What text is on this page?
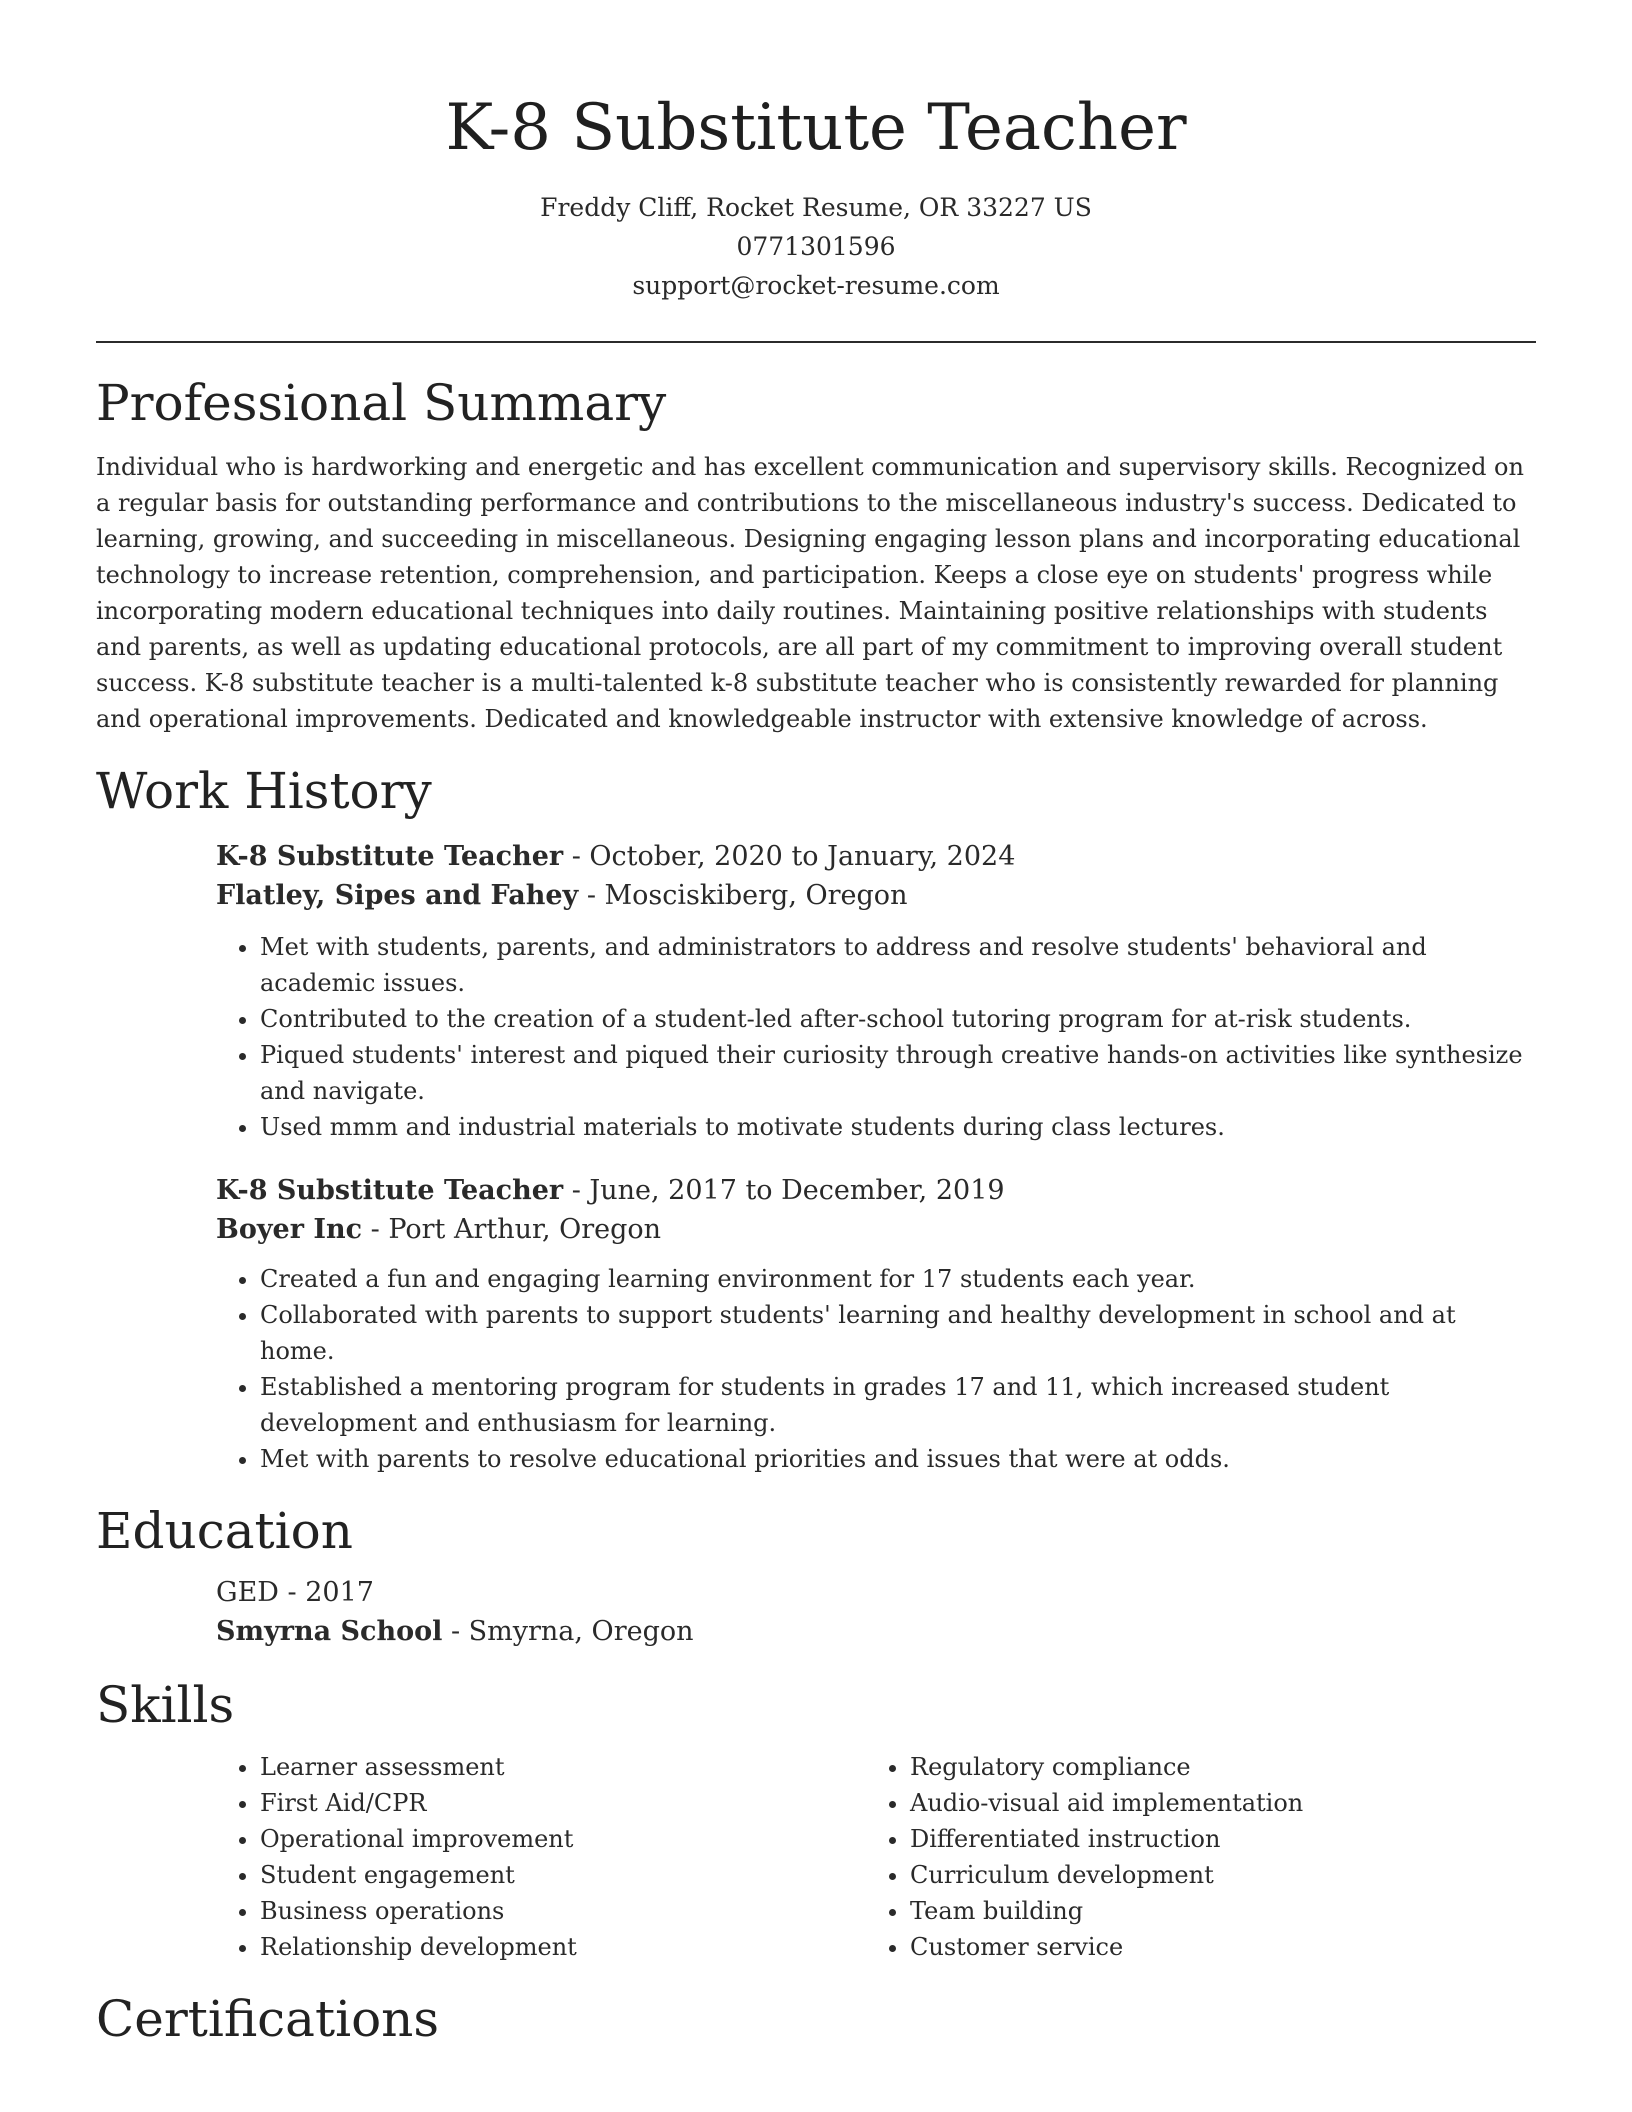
K-8 Substitute Teacher
Freddy Cliff, Rocket Resume, OR 33227 US
0771301596
support@rocket-resume.com
Professional Summary

Individual who is hardworking and energetic and has excellent communication and supervisory skills. Recognized on a regular basis for outstanding performance and contributions to the miscellaneous industry's success. Dedicated to learning, growing, and succeeding in miscellaneous. Designing engaging lesson plans and incorporating educational technology to increase retention, comprehension, and participation. Keeps a close eye on students' progress while incorporating modern educational techniques into daily routines. Maintaining positive relationships with students and parents, as well as updating educational protocols, are all part of my commitment to improving overall student success. K-8 substitute teacher is a multi-talented k-8 substitute teacher who is consistently rewarded for planning and operational improvements. Dedicated and knowledgeable instructor with extensive knowledge of across.

Work History

K-8 Substitute Teacher - October, 2020 to January, 2024

Flatley, Sipes and Fahey - Mosciskiberg, Oregon

• Met with students, parents, and administrators to address and resolve students' behavioral and academic issues.
• Contributed to the creation of a student-led after-school tutoring program for at-risk students.
• Piqued students' interest and piqued their curiosity through creative hands-on activities like synthesize and navigate.
• Used mmm and industrial materials to motivate students during class lectures.

K-8 Substitute Teacher - June, 2017 to December, 2019

Boyer Inc - Port Arthur, Oregon

• Created a fun and engaging learning environment for 17 students each year.
• Collaborated with parents to support students' learning and healthy development in school and at home.
• Established a mentoring program for students in grades 17 and 11, which increased student development and enthusiasm for learning.
• Met with parents to resolve educational priorities and issues that were at odds.
Education

GED - 2017

Smyrna School - Smyrna, Oregon

Skills
• Learner assessment
• First Aid/CPR
• Operational improvement
• Student engagement
• Business operations
• Relationship development
• Regulatory compliance
• Audio-visual aid implementation
• Differentiated instruction
• Curriculum development
• Team building
• Customer service
Certifications
